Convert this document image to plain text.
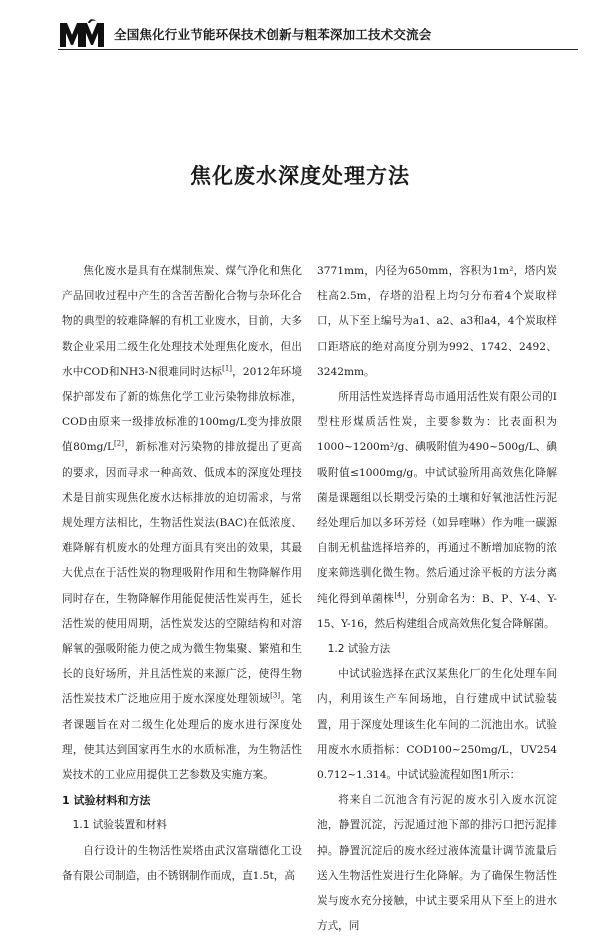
全国焦化行业节能环保技术创新与粗苯深加工技术交流会
焦化废水深度处理方法

焦化废水是具有在煤制焦炭、煤气净化和焦化产品回收过程中产生的含苦苦酚化合物与杂环化合物的典型的较难降解的有机工业废水，目前，大多数企业采用二级生化处理技术处理焦化废水，但出水中COD和NH3-N很难同时达标[1]，2012年环境保护部发布了新的炼焦化学工业污染物排放标准，COD由原来一级排放标准的100mg/L变为排放限值80mg/L[2]，新标准对污染物的排放提出了更高的要求，因而寻求一种高效、低成本的深度处理技术是目前实现焦化废水达标排放的迫切需求，与常规处理方法相比，生物活性炭法(BAC)在低浓度、难降解有机废水的处理方面具有突出的效果，其最大优点在于活性炭的物理吸附作用和生物降解作用同时存在，生物降解作用能促使活性炭再生，延长活性炭的使用周期，活性炭发达的空隙结构和对溶解氧的强吸附能力使之成为微生物集聚、繁殖和生长的良好场所，并且活性炭的来源广泛，使得生物活性炭技术广泛地应用于废水深度处理领域[3]。笔者课题旨在对二级生化处理后的废水进行深度处理，使其达到国家再生水的水质标准，为生物活性炭技术的工业应用提供工艺参数及实施方案。

1 试验材料和方法
1.1 试验装置和材料

自行设计的生物活性炭塔由武汉富瑞德化工设备有限公司制造，由不锈钢制作而成，直1.5t，高

3771mm，内径为650mm，容积为1m²，塔内炭柱高2.5m，存塔的沿程上均匀分布着4个炭取样口，从下至上编号为a1、a2、a3和a4，4个炭取样口距塔底的绝对高度分别为992、1742、2492、3242mm。

所用活性炭选择青岛市通用活性炭有限公司的Ⅰ型柱形煤质活性炭，主要参数为：比表面积为1000~1200m²/g、碘吸附值为490~500g/L、碘吸附值≤1000mg/g。中试试验所用高效焦化降解菌是课题组以长期受污染的土壤和好氧池活性污泥经处理后加以多环芳烃（如异喹啉）作为唯一碳源自制无机盐选择培养的，再通过不断增加底物的浓度来筛选驯化微生物。然后通过涂平板的方法分离纯化得到单菌株[4]，分别命名为：B、P、Y-4、Y-15、Y-16，然后构建组合成高效焦化复合降解菌。

1.2 试验方法

中试试验选择在武汉某焦化厂的生化处理车间内，利用该生产车间场地，自行建成中试试验装置，用于深度处理该生化车间的二沉池出水。试验用废水水质指标：COD100~250mg/L，UV254 0.712~1.314。中试试验流程如图1所示：

将来自二沉池含有污泥的废水引入废水沉淀池，静置沉淀，污泥通过池下部的排污口把污泥排掉。静置沉淀后的废水经过液体流量计调节流量后送入生物活性炭进行生化降解。为了确保生物活性炭与废水充分接触，中试主要采用从下至上的进水方式，同
